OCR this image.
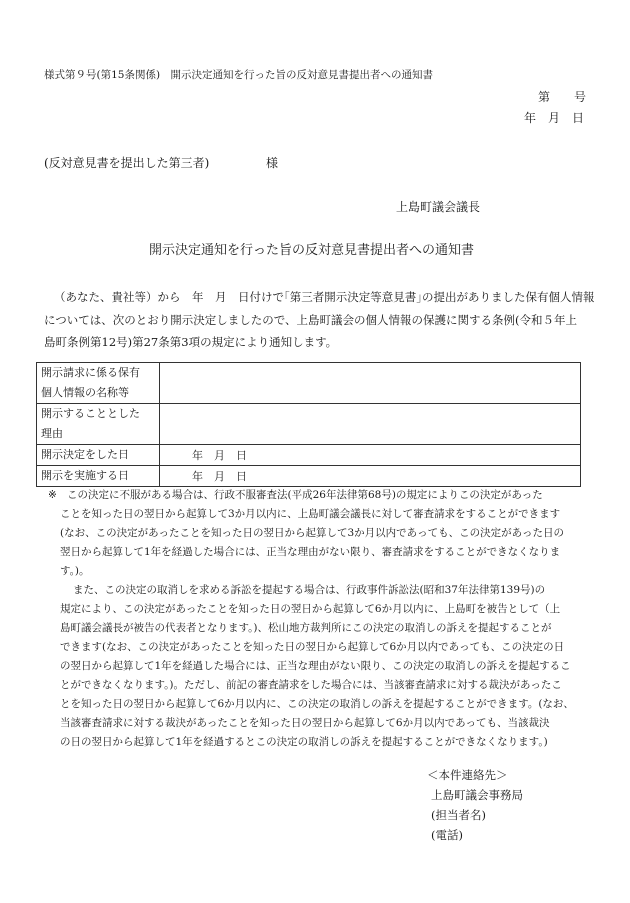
様式第９号(第15条関係)　開示決定通知を行った旨の反対意見書提出者への通知書
第　　号
年　月　日
(反対意見書を提出した第三者)	様
上島町議会議長
開示決定通知を行った旨の反対意見書提出者への通知書
（あなた、貴社等）から　年　月　日付けで｢第三者開示決定等意見書｣の提出がありました保有個人情報
については、次のとおり開示決定しましたので、上島町議会の個人情報の保護に関する条例(令和５年上
島町条例第12号)第27条第3項の規定により通知します。
開示請求に係る保有
個人情報の名称等	

開示することとした
理由	

開示決定をした日	年　月　日
開示を実施する日	年　月　日
※ この決定に不服がある場合は、行政不服審査法(平成26年法律第68号)の規定によりこの決定があった
ことを知った日の翌日から起算して3か月以内に、上島町議会議長に対して審査請求をすることができます
(なお、この決定があったことを知った日の翌日から起算して3か月以内であっても、この決定があった日の
翌日から起算して1年を経過した場合には、正当な理由がない限り、審査請求をすることができなくなりま
す。)。
また、この決定の取消しを求める訴訟を提起する場合は、行政事件訴訟法(昭和37年法律第139号)の
規定により、この決定があったことを知った日の翌日から起算して6か月以内に、上島町を被告として（上
島町議会議長が被告の代表者となります。)、松山地方裁判所にこの決定の取消しの訴えを提起することが
できます(なお、この決定があったことを知った日の翌日から起算して6か月以内であっても、この決定の日
の翌日から起算して1年を経過した場合には、正当な理由がない限り、この決定の取消しの訴えを提起するこ
とができなくなります。)。ただし、前記の審査請求をした場合には、当該審査請求に対する裁決があったこ
とを知った日の翌日から起算して6か月以内に、この決定の取消しの訴えを提起することができます。(なお、
当該審査請求に対する裁決があったことを知った日の翌日から起算して6か月以内であっても、当該裁決
の日の翌日から起算して1年を経過するとこの決定の取消しの訴えを提起することができなくなります。)
＜本件連絡先＞
上島町議会事務局
(担当者名)
(電話)
